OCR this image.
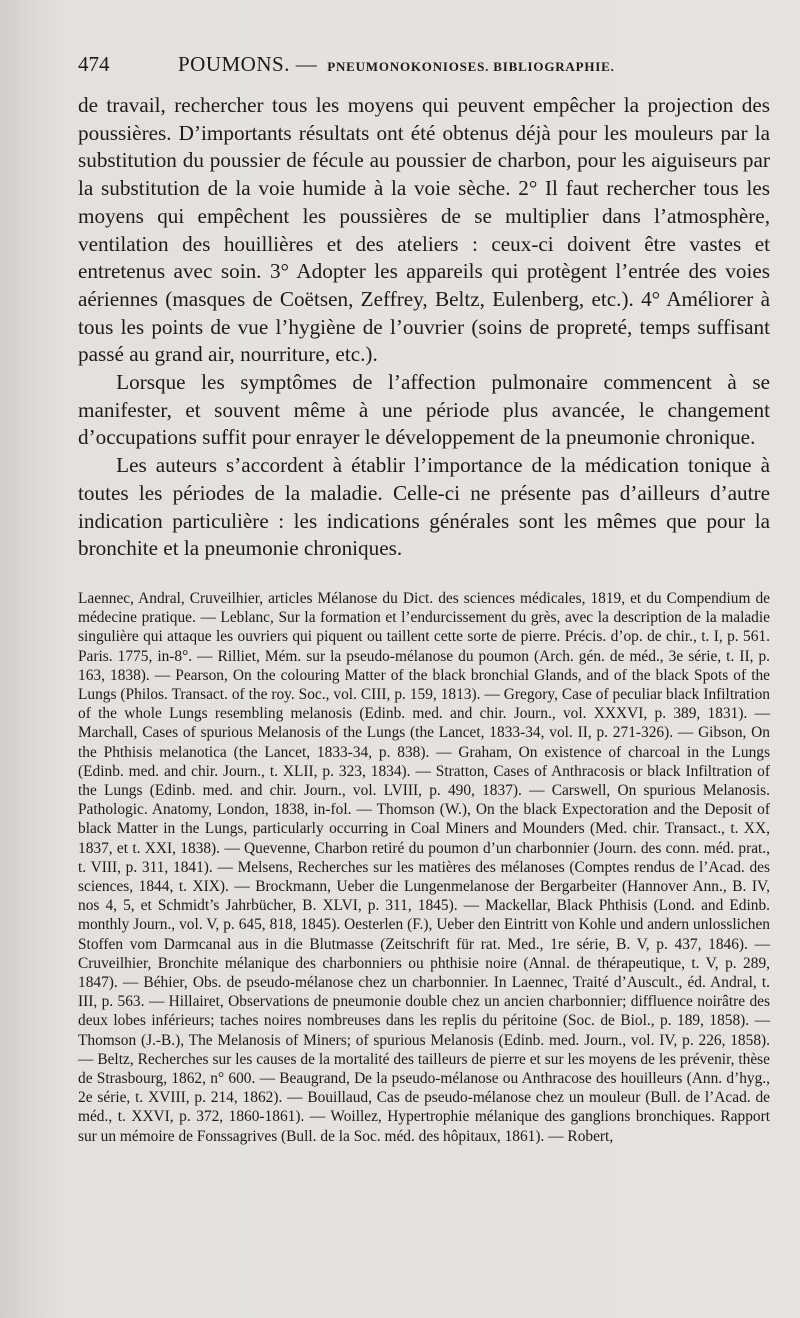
474	POUMONS. — PNEUMONOKONIOSES. BIBLIOGRAPHIE.

de travail, rechercher tous les moyens qui peuvent empêcher la projection des poussières. D’importants résultats ont été obtenus déjà pour les mouleurs par la substitution du poussier de fécule au poussier de charbon, pour les aiguiseurs par la substitution de la voie humide à la voie sèche. 2° Il faut rechercher tous les moyens qui empêchent les poussières de se multiplier dans l’atmosphère, ventilation des houillières et des ateliers : ceux-ci doivent être vastes et entretenus avec soin. 3° Adopter les appareils qui protègent l’entrée des voies aériennes (masques de Coëtsen, Zeffrey, Beltz, Eulenberg, etc.). 4° Améliorer à tous les points de vue l’hygiène de l’ouvrier (soins de propreté, temps suffisant passé au grand air, nourriture, etc.).

Lorsque les symptômes de l’affection pulmonaire commencent à se manifester, et souvent même à une période plus avancée, le changement d’occupations suffit pour enrayer le développement de la pneumonie chronique.

Les auteurs s’accordent à établir l’importance de la médication tonique à toutes les périodes de la maladie. Celle-ci ne présente pas d’ailleurs d’autre indication particulière : les indications générales sont les mêmes que pour la bronchite et la pneumonie chroniques.

Laennec, Andral, Cruveilhier, articles Mélanose du Dict. des sciences médicales, 1819, et du Compendium de médecine pratique. — Leblanc, Sur la formation et l’endurcissement du grès, avec la description de la maladie singulière qui attaque les ouvriers qui piquent ou taillent cette sorte de pierre. Précis. d’op. de chir., t. I, p. 561. Paris. 1775, in-8°. — Rilliet, Mém. sur la pseudo-mélanose du poumon (Arch. gén. de méd., 3e série, t. II, p. 163, 1838). — Pearson, On the colouring Matter of the black bronchial Glands, and of the black Spots of the Lungs (Philos. Transact. of the roy. Soc., vol. CIII, p. 159, 1813). — Gregory, Case of peculiar black Infiltration of the whole Lungs resembling melanosis (Edinb. med. and chir. Journ., vol. XXXVI, p. 389, 1831). — Marchall, Cases of spurious Melanosis of the Lungs (the Lancet, 1833-34, vol. II, p. 271-326). — Gibson, On the Phthisis melanotica (the Lancet, 1833-34, p. 838). — Graham, On existence of charcoal in the Lungs (Edinb. med. and chir. Journ., t. XLII, p. 323, 1834). — Stratton, Cases of Anthracosis or black Infiltration of the Lungs (Edinb. med. and chir. Journ., vol. LVIII, p. 490, 1837). — Carswell, On spurious Melanosis. Pathologic. Anatomy, London, 1838, in-fol. — Thomson (W.), On the black Expectoration and the Deposit of black Matter in the Lungs, particularly occurring in Coal Miners and Mounders (Med. chir. Transact., t. XX, 1837, et t. XXI, 1838). — Quevenne, Charbon retiré du poumon d’un charbonnier (Journ. des conn. méd. prat., t. VIII, p. 311, 1841). — Melsens, Recherches sur les matières des mélanoses (Comptes rendus de l’Acad. des sciences, 1844, t. XIX). — Brockmann, Ueber die Lungenmelanose der Bergarbeiter (Hannover Ann., B. IV, nos 4, 5, et Schmidt’s Jahrbücher, B. XLVI, p. 311, 1845). — Mackellar, Black Phthisis (Lond. and Edinb. monthly Journ., vol. V, p. 645, 818, 1845). Oesterlen (F.), Ueber den Eintritt von Kohle und andern unlosslichen Stoffen vom Darmcanal aus in die Blutmasse (Zeitschrift für rat. Med., 1re série, B. V, p. 437, 1846). — Cruveilhier, Bronchite mélanique des charbonniers ou phthisie noire (Annal. de thérapeutique, t. V, p. 289, 1847). — Béhier, Obs. de pseudo-mélanose chez un charbonnier. In Laennec, Traité d’Auscult., éd. Andral, t. III, p. 563. — Hillairet, Observations de pneumonie double chez un ancien charbonnier; diffluence noirâtre des deux lobes inférieurs; taches noires nombreuses dans les replis du péritoine (Soc. de Biol., p. 189, 1858). — Thomson (J.-B.), The Melanosis of Miners; of spurious Melanosis (Edinb. med. Journ., vol. IV, p. 226, 1858). — Beltz, Recherches sur les causes de la mortalité des tailleurs de pierre et sur les moyens de les prévenir, thèse de Strasbourg, 1862, n° 600. — Beaugrand, De la pseudo-mélanose ou Anthracose des houilleurs (Ann. d’hyg., 2e série, t. XVIII, p. 214, 1862). — Bouillaud, Cas de pseudo-mélanose chez un mouleur (Bull. de l’Acad. de méd., t. XXVI, p. 372, 1860-1861). — Woillez, Hypertrophie mélanique des ganglions bronchiques. Rapport sur un mémoire de Fonssagrives (Bull. de la Soc. méd. des hôpitaux, 1861). — Robert,
